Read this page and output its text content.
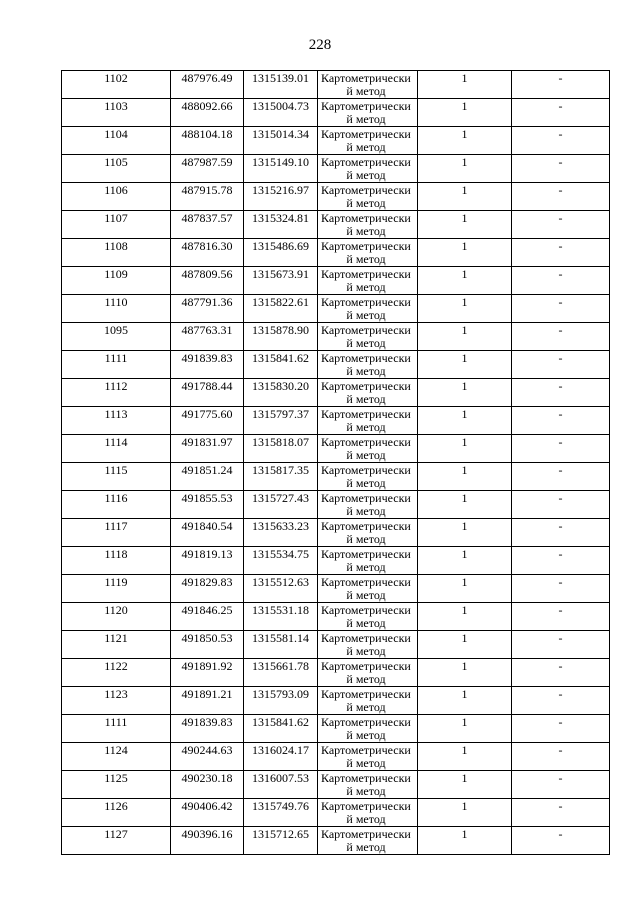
228
1102	487976.49	1315139.01	Картометрически
й метод	1	-
1103	488092.66	1315004.73	Картометрически
й метод	1	-
1104	488104.18	1315014.34	Картометрически
й метод	1	-
1105	487987.59	1315149.10	Картометрически
й метод	1	-
1106	487915.78	1315216.97	Картометрически
й метод	1	-
1107	487837.57	1315324.81	Картометрически
й метод	1	-
1108	487816.30	1315486.69	Картометрически
й метод	1	-
1109	487809.56	1315673.91	Картометрически
й метод	1	-
1110	487791.36	1315822.61	Картометрически
й метод	1	-
1095	487763.31	1315878.90	Картометрически
й метод	1	-
1111	491839.83	1315841.62	Картометрически
й метод	1	-
1112	491788.44	1315830.20	Картометрически
й метод	1	-
1113	491775.60	1315797.37	Картометрически
й метод	1	-
1114	491831.97	1315818.07	Картометрически
й метод	1	-
1115	491851.24	1315817.35	Картометрически
й метод	1	-
1116	491855.53	1315727.43	Картометрически
й метод	1	-
1117	491840.54	1315633.23	Картометрически
й метод	1	-
1118	491819.13	1315534.75	Картометрически
й метод	1	-
1119	491829.83	1315512.63	Картометрически
й метод	1	-
1120	491846.25	1315531.18	Картометрически
й метод	1	-
1121	491850.53	1315581.14	Картометрически
й метод	1	-
1122	491891.92	1315661.78	Картометрически
й метод	1	-
1123	491891.21	1315793.09	Картометрически
й метод	1	-
1111	491839.83	1315841.62	Картометрически
й метод	1	-
1124	490244.63	1316024.17	Картометрически
й метод	1	-
1125	490230.18	1316007.53	Картометрически
й метод	1	-
1126	490406.42	1315749.76	Картометрически
й метод	1	-
1127	490396.16	1315712.65	Картометрически
й метод	1	-
